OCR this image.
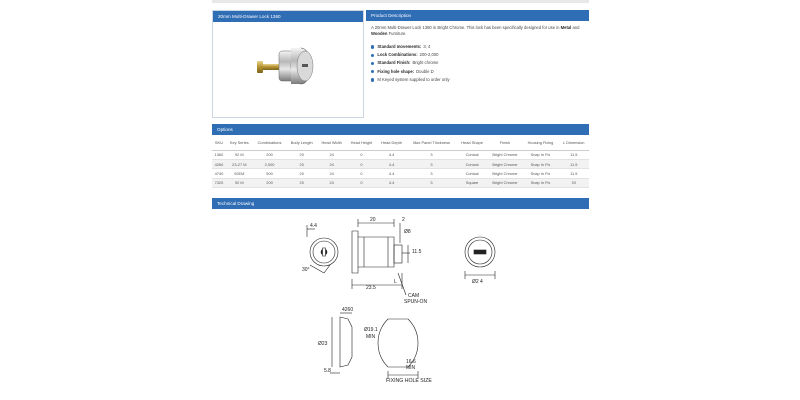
20mm Multi-Drawer Lock 1360	Product Description
A 20mm Multi-Drawer Lock 1360 in Bright Chrome. This lock has been specifically designed for use in Metal and Wooden Furniture.
Standard movements: 3, 4
Lock Combinations: 200-2,000
Standard Finish: Bright chrome
Fixing hole shape: Double D
M Keyed system supplied to order only
Options
SKU	Key Series	Combinations	Body Length	Head Width	Head Height	Head Depth	Max Panel Thickness	Head Shape	Finish	Housing Fixing	L Dimension
1360	92 M	200	20	24	0	4.4	3	Conical	Bright Chrome	Snap In Fix	11.5
4260	23-27 M	2,000	20	24	0	4.4	3	Conical	Bright Chrome	Snap In Fix	11.5
4740	92EM	500	20	24	0	4.4	3	Conical	Bright Chrome	Snap In Fix	11.5
7320	92 M	200	20	24	0	4.4	3	Square	Bright Chrome	Snap In Fix	20
Technical Drawing
4.4
20	2
Ø8
11.5
L
30°
23.5
CAM
SPUN-ON
Ø2 4
4260
Ø23
Ø19.1
MIN
16.6
MIN
5.8
FIXING HOLE SIZE
